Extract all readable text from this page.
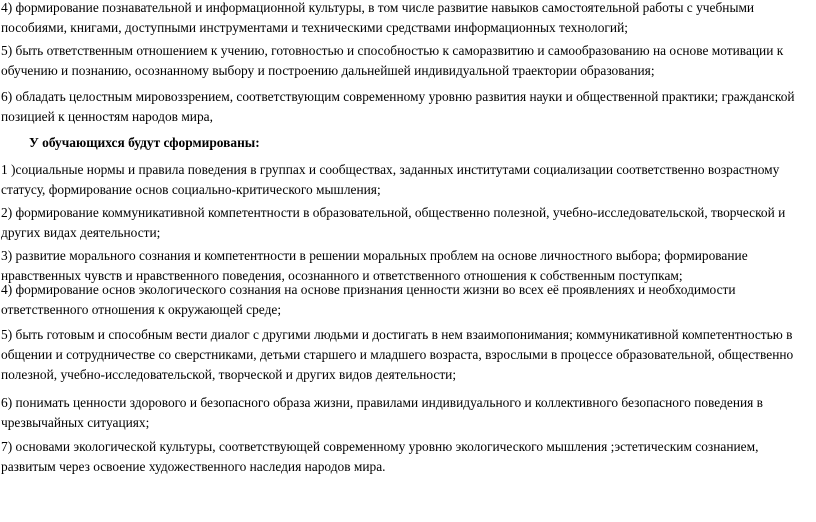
4) формирование познавательной и информационной культуры, в том числе развитие навыков самостоятельной работы с учебными пособиями, книгами, доступными инструментами и техническими средствами информационных технологий;

5) быть ответственным отношением к учению, готовностью и способностью к саморазвитию и самообразованию на основе мотивации к обучению и познанию, осознанному выбору и построению дальнейшей индивидуальной траектории образования;

6) обладать целостным мировоззрением, соответствующим современному уровню развития науки и общественной практики; гражданской позицией к ценностям народов мира,

У обучающихся будут сформированы:

1 )социальные нормы и правила поведения в группах и сообществах, заданных институтами социализации соответственно возрастному статусу, формирование основ социально-критического мышления;

2) формирование коммуникативной компетентности в образовательной, общественно полезной, учебно-исследовательской, творческой и других видах деятельности;

3) развитие морального сознания и компетентности в решении моральных проблем на основе личностного выбора; формирование нравственных чувств и нравственного поведения, осознанного и ответственного отношения к собственным поступкам;

4) формирование основ экологического сознания на основе признания ценности жизни во всех её проявлениях и необходимости ответственного отношения к окружающей среде;

5) быть готовым и способным вести диалог с другими людьми и достигать в нем взаимопонимания; коммуникативной компетентностью в общении и сотрудничестве со сверстниками, детьми старшего и младшего возраста, взрослыми в процессе образовательной, общественно полезной, учебно-исследовательской, творческой и других видов деятельности;

6) понимать ценности здорового и безопасного образа жизни, правилами индивидуального и коллективного безопасного поведения в чрезвычайных ситуациях;

7) основами экологической культуры, соответствующей современному уровню экологического мышления ;эстетическим сознанием, развитым через освоение художественного наследия народов мира.
